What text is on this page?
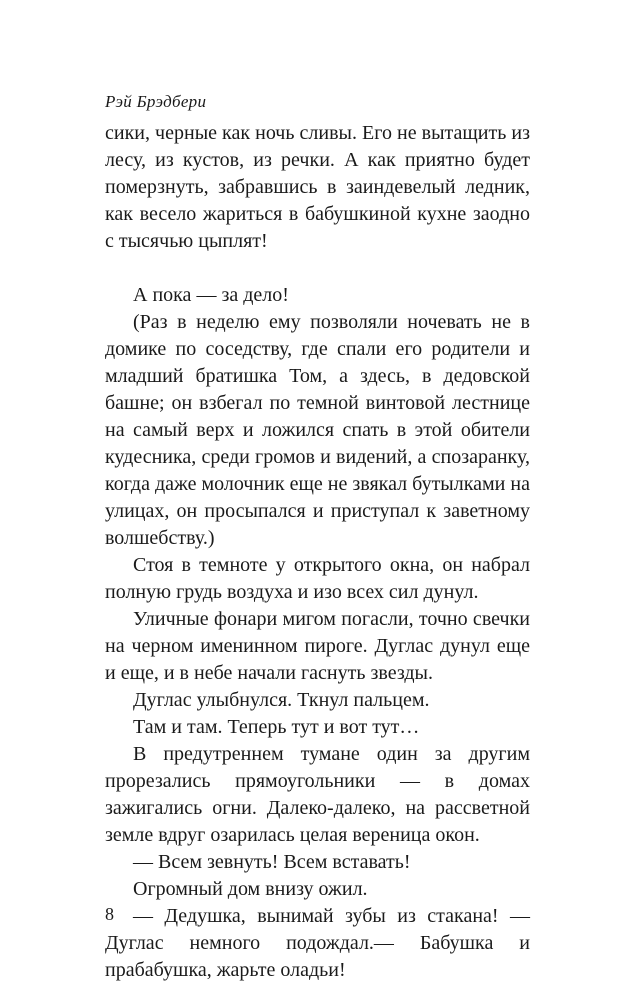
Рэй Брэдбери

сики, черные как ночь сливы. Его не вытащить из лесу, из кустов, из речки. А как приятно будет померзнуть, забравшись в заиндевелый ледник, как весело жариться в бабушкиной кухне заодно с тысячью цыплят!

А пока — за дело!

(Раз в неделю ему позволяли ночевать не в домике по соседству, где спали его родители и младший братишка Том, а здесь, в дедовской башне; он взбегал по темной винтовой лестнице на самый верх и ложился спать в этой обители кудесника, среди громов и видений, а спозаранку, когда даже молочник еще не звякал бутылками на улицах, он просыпался и приступал к заветному волшебству.)

Стоя в темноте у открытого окна, он набрал полную грудь воздуха и изо всех сил дунул.

Уличные фонари мигом погасли, точно свечки на черном именинном пироге. Дуглас дунул еще и еще, и в небе начали гаснуть звезды.

Дуглас улыбнулся. Ткнул пальцем.

Там и там. Теперь тут и вот тут…

В предутреннем тумане один за другим прорезались прямоугольники — в домах зажигались огни. Далеко-далеко, на рассветной земле вдруг озарилась целая вереница окон.

— Всем зевнуть! Всем вставать!

Огромный дом внизу ожил.

— Дедушка, вынимай зубы из стакана! — Дуглас немного подождал.— Бабушка и прабабушка, жарьте оладьи!

8
